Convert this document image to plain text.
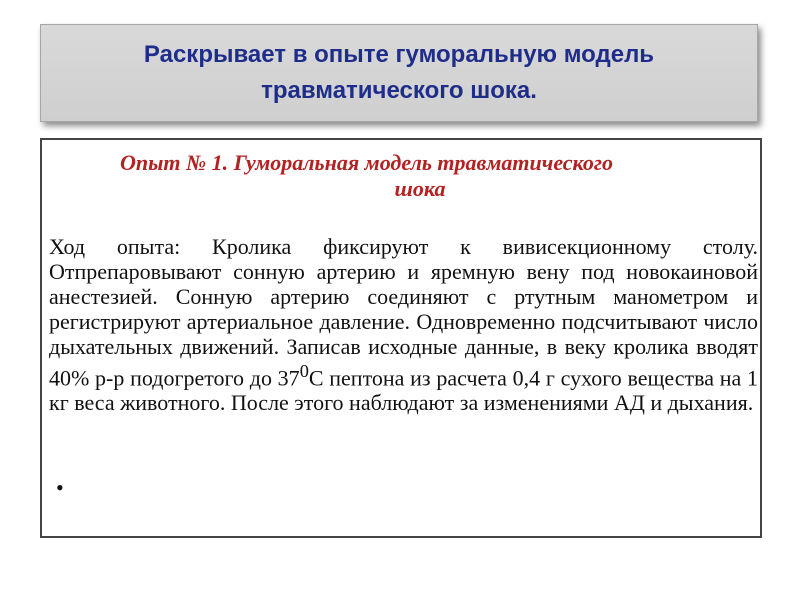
Раскрывает в опыте гуморальную модель
травматического шока.
Опыт № 1. Гуморальная модель травматического
шока
Ход опыта: Кролика фиксируют к вивисекционному столу. Отпрепаровывают сонную артерию и яремную вену под новокаиновой анестезией. Сонную артерию соединяют с ртутным манометром и регистрируют артериальное давление. Одновременно подсчитывают число дыхательных движений. Записав исходные данные, в веку кролика вводят 40% р-р подогретого до $37^0С$ пептона из расчета 0,4 г сухого вещества на 1 кг веса животного. После этого наблюдают за изменениями АД и дыхания.
•
